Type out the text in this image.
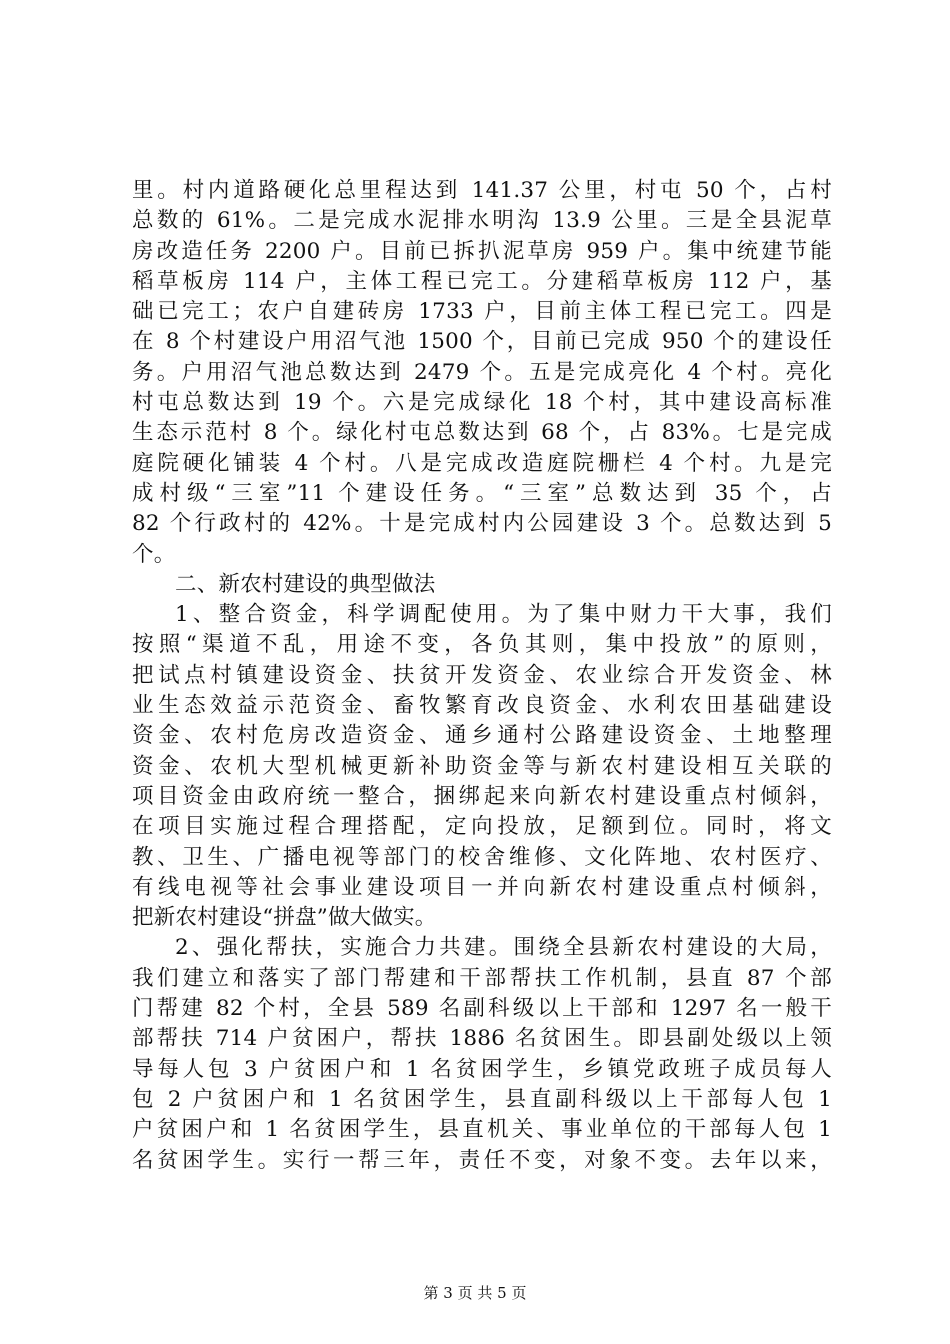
里。村内道路硬化总里程达到 141.37 公里，村屯 50 个，占村
总数的 61%。二是完成水泥排水明沟 13.9 公里。三是全县泥草
房改造任务 2200 户。目前已拆扒泥草房 959 户。集中统建节能
稻草板房 114 户，主体工程已完工。分建稻草板房 112 户，基
础已完工；农户自建砖房 1733 户，目前主体工程已完工。四是
在 8 个村建设户用沼气池 1500 个，目前已完成 950 个的建设任
务。户用沼气池总数达到 2479 个。五是完成亮化 4 个村。亮化
村屯总数达到 19 个。六是完成绿化 18 个村，其中建设高标准
生态示范村 8 个。绿化村屯总数达到 68 个，占 83%。七是完成
庭院硬化铺装 4 个村。八是完成改造庭院栅栏 4 个村。九是完
成村级“三室”11 个建设任务。“三室”总数达到 35 个，占
82 个行政村的 42%。十是完成村内公园建设 3 个。总数达到 5
个。
二、新农村建设的典型做法
1、整合资金，科学调配使用。为了集中财力干大事，我们
按照“渠道不乱，用途不变，各负其则，集中投放”的原则，
把试点村镇建设资金、扶贫开发资金、农业综合开发资金、林
业生态效益示范资金、畜牧繁育改良资金、水利农田基础建设
资金、农村危房改造资金、通乡通村公路建设资金、土地整理
资金、农机大型机械更新补助资金等与新农村建设相互关联的
项目资金由政府统一整合，捆绑起来向新农村建设重点村倾斜，
在项目实施过程合理搭配，定向投放，足额到位。同时，将文
教、卫生、广播电视等部门的校舍维修、文化阵地、农村医疗、
有线电视等社会事业建设项目一并向新农村建设重点村倾斜，
把新农村建设“拼盘”做大做实。
2、强化帮扶，实施合力共建。围绕全县新农村建设的大局，
我们建立和落实了部门帮建和干部帮扶工作机制，县直 87 个部
门帮建 82 个村，全县 589 名副科级以上干部和 1297 名一般干
部帮扶 714 户贫困户，帮扶 1886 名贫困生。即县副处级以上领
导每人包 3 户贫困户和 1 名贫困学生，乡镇党政班子成员每人
包 2 户贫困户和 1 名贫困学生，县直副科级以上干部每人包 1
户贫困户和 1 名贫困学生，县直机关、事业单位的干部每人包 1
名贫困学生。实行一帮三年，责任不变，对象不变。去年以来，
第 3 页 共 5 页
